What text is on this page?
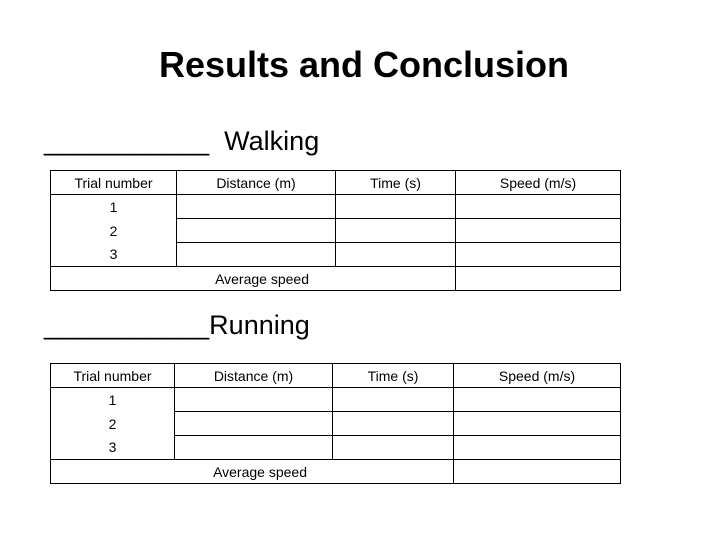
Results and Conclusion
___________  Walking
Trial number	Distance (m)	Time (s)	Speed (m/s)
1			
2			
3			
Average speed			
___________Running
Trial number	Distance (m)	Time (s)	Speed (m/s)
1			
2			
3			
Average speed			
